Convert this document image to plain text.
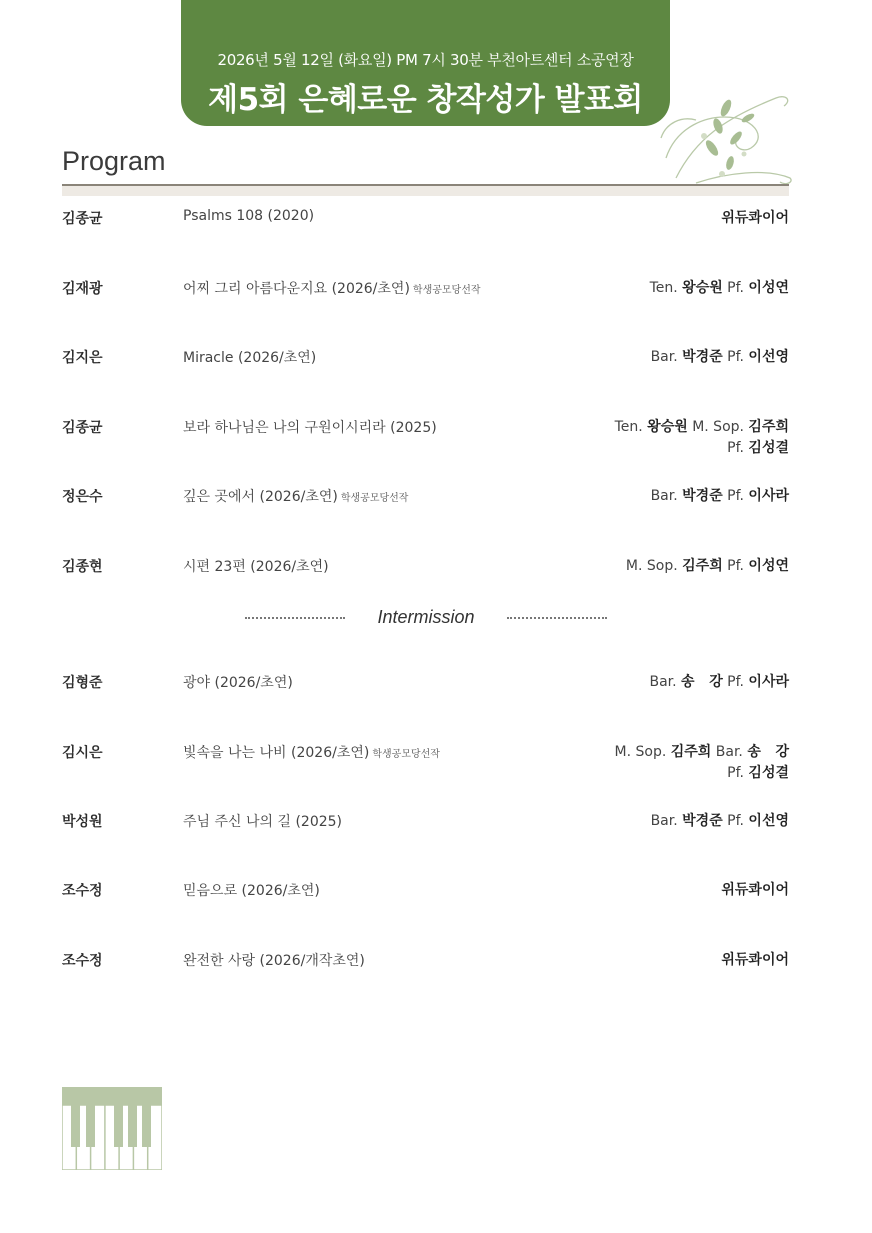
2026년 5월 12일 (화요일) PM 7시 30분 부천아트센터 소공연장
제5회 은혜로운 창작성가 발표회
Program
김종균	Psalms 108 (2020)	위듀콰이어
김재광	어찌 그리 아름다운지요 (2026/초연) 학생공모당선작	Ten. 왕승원 Pf. 이성연
김지은	Miracle (2026/초연)	Bar. 박경준 Pf. 이선영
김종균	보라 하나님은 나의 구원이시리라 (2025)	Ten. 왕승원 M. Sop. 김주희
Pf. 김성결
정은수	깊은 곳에서 (2026/초연) 학생공모당선작	Bar. 박경준 Pf. 이사라
김종현	시편 23편 (2026/초연)	M. Sop. 김주희 Pf. 이성연
김형준	광야 (2026/초연)	Bar. 송   강 Pf. 이사라
김시은	빛속을 나는 나비 (2026/초연) 학생공모당선작	M. Sop. 김주희 Bar. 송   강
Pf. 김성결
박성원	주님 주신 나의 길 (2025)	Bar. 박경준 Pf. 이선영
조수정	믿음으로 (2026/초연)	위듀콰이어
조수정	완전한 사랑 (2026/개작초연)	위듀콰이어
Intermission
